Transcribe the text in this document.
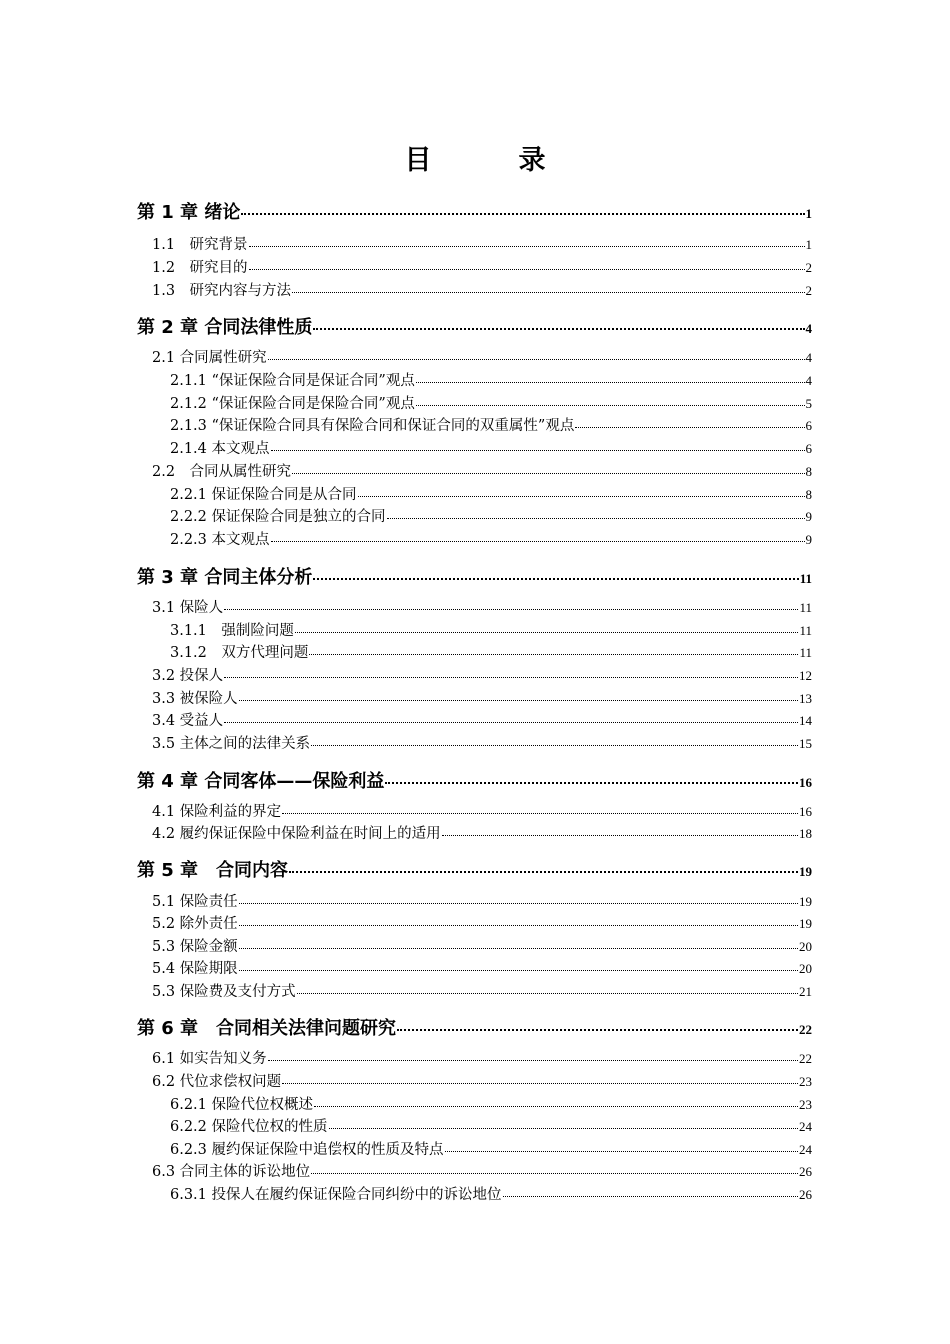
目　录
第 1 章 绪论	1
1.1　研究背景	1
1.2　研究目的	2
1.3　研究内容与方法	2
第 2 章 合同法律性质	4
2.1 合同属性研究	4
2.1.1 “保证保险合同是保证合同”观点	4
2.1.2 “保证保险合同是保险合同”观点	5
2.1.3 “保证保险合同具有保险合同和保证合同的双重属性”观点	6
2.1.4 本文观点	6
2.2　合同从属性研究	8
2.2.1 保证保险合同是从合同	8
2.2.2 保证保险合同是独立的合同	9
2.2.3 本文观点	9
第 3 章 合同主体分析	11
3.1 保险人	11
3.1.1　强制险问题	11
3.1.2　双方代理问题	11
3.2 投保人	12
3.3 被保险人	13
3.4 受益人	14
3.5 主体之间的法律关系	15
第 4 章 合同客体——保险利益	16
4.1 保险利益的界定	16
4.2 履约保证保险中保险利益在时间上的适用	18
第 5 章　合同内容	19
5.1 保险责任	19
5.2 除外责任	19
5.3 保险金额	20
5.4 保险期限	20
5.3 保险费及支付方式	21
第 6 章　合同相关法律问题研究	22
6.1 如实告知义务	22
6.2 代位求偿权问题	23
6.2.1 保险代位权概述	23
6.2.2 保险代位权的性质	24
6.2.3 履约保证保险中追偿权的性质及特点	24
6.3 合同主体的诉讼地位	26
6.3.1 投保人在履约保证保险合同纠纷中的诉讼地位	26
